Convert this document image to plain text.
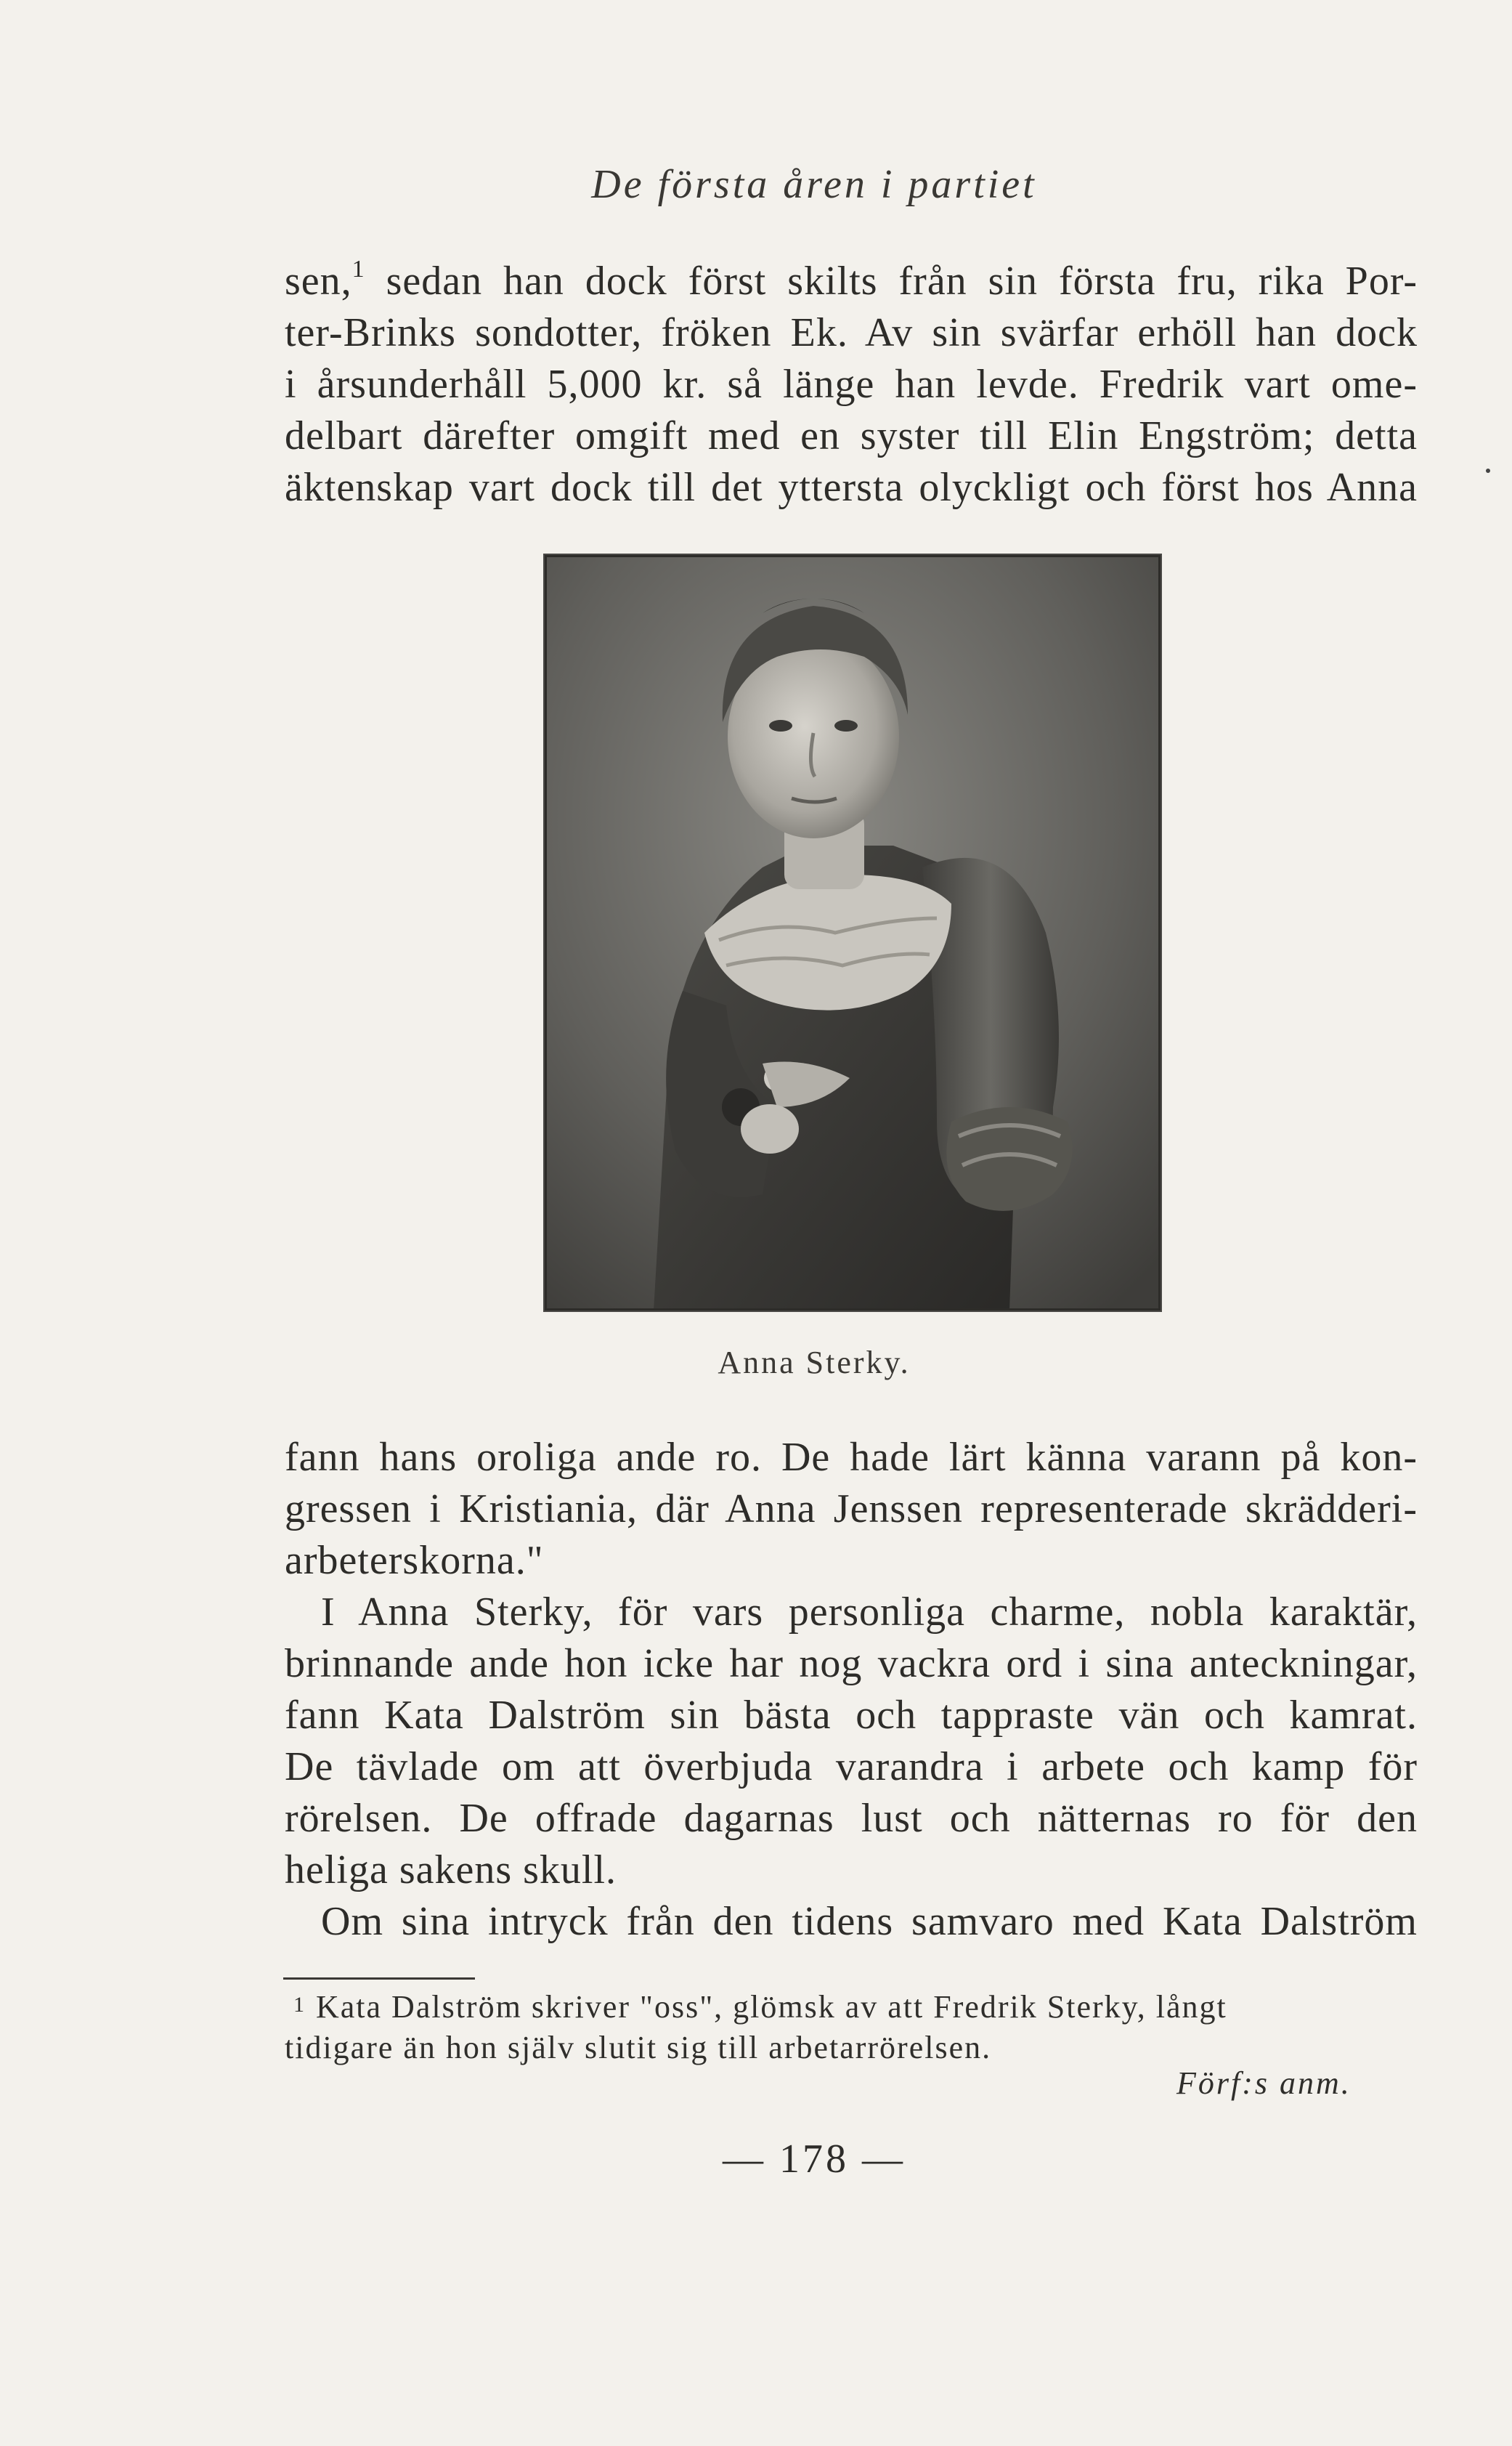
De första åren i partiet
sen,$^1$ sedan han dock först skilts från sin första fru, rika Por-
ter-Brinks sondotter, fröken Ek. Av sin svärfar erhöll han dock
i årsunderhåll 5,000 kr. så länge han levde. Fredrik vart ome-
delbart därefter omgift med en syster till Elin Engström; detta
äktenskap vart dock till det yttersta olyckligt och först hos Anna
Anna Sterky.
fann hans oroliga ande ro. De hade lärt känna varann på kon-
gressen i Kristiania, där Anna Jenssen representerade skrädderi-
arbeterskorna."
I Anna Sterky, för vars personliga charme, nobla karaktär,
brinnande ande hon icke har nog vackra ord i sina anteckningar,
fann Kata Dalström sin bästa och tappraste vän och kamrat.
De tävlade om att överbjuda varandra i arbete och kamp för
rörelsen. De offrade dagarnas lust och nätternas ro för den
heliga sakens skull.
Om sina intryck från den tidens samvaro med Kata Dalström
1 Kata Dalström skriver "oss", glömsk av att Fredrik Sterky, långt
tidigare än hon själv slutit sig till arbetarrörelsen.
Förf:s anm.
— 178 —
